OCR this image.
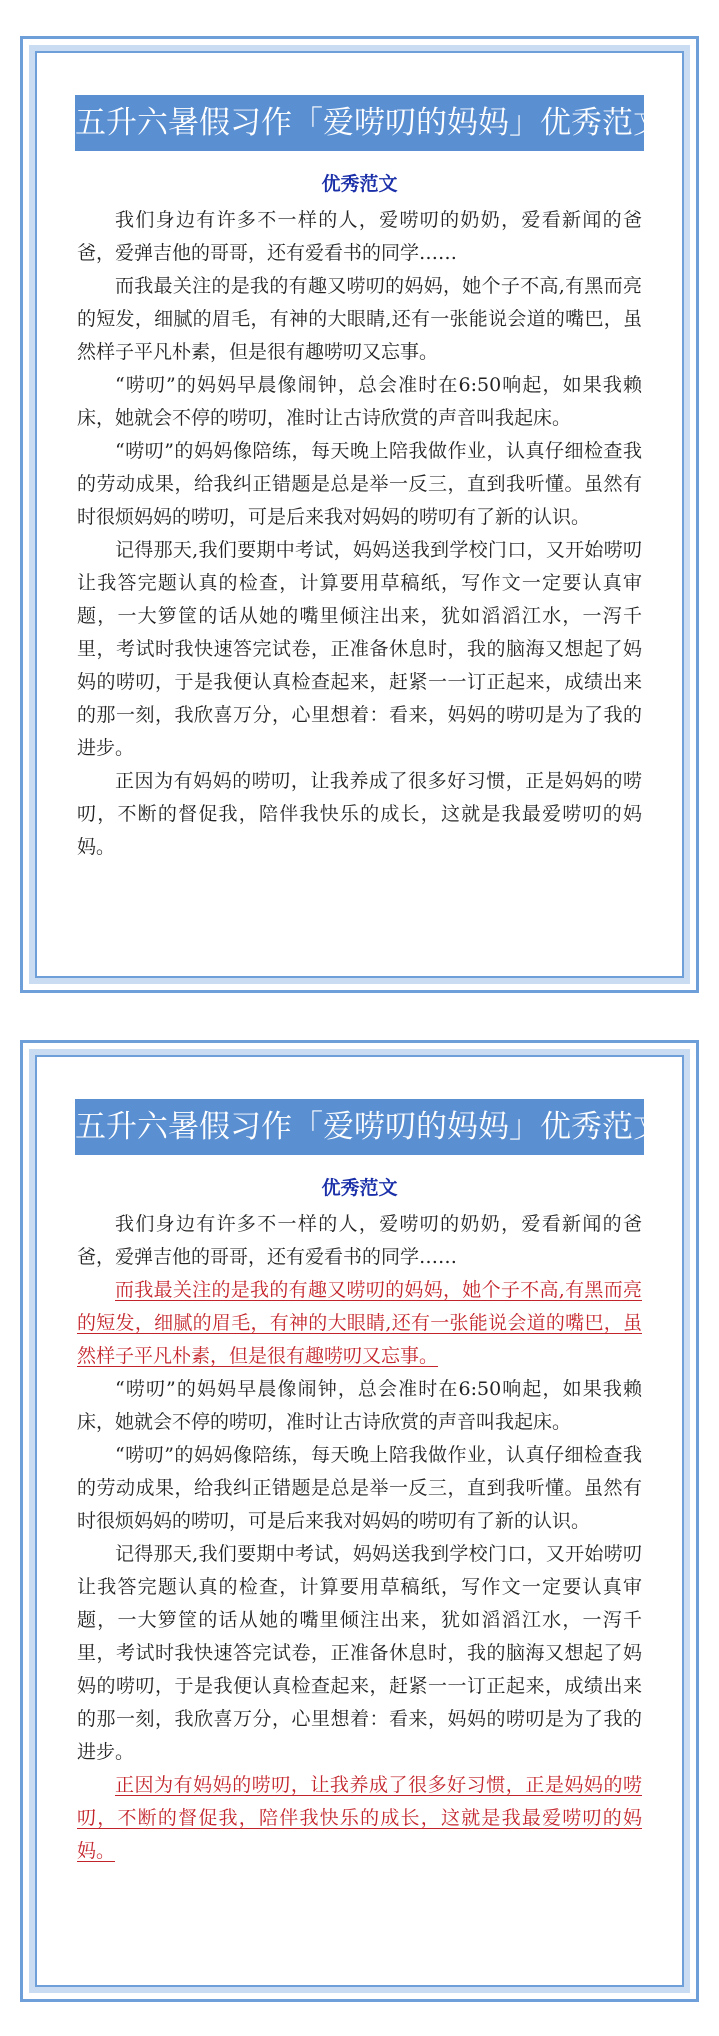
五升六暑假习作「爱唠叨的妈妈」优秀范文
优秀范文

我们身边有许多不一样的人，爱唠叨的奶奶，爱看新闻的爸爸，爱弹吉他的哥哥，还有爱看书的同学……

而我最关注的是我的有趣又唠叨的妈妈，她个子不高,有黑而亮的短发，细腻的眉毛，有神的大眼睛,还有一张能说会道的嘴巴，虽然样子平凡朴素，但是很有趣唠叨又忘事。

“唠叨”的妈妈早晨像闹钟，总会准时在6:50响起，如果我赖床，她就会不停的唠叨，准时让古诗欣赏的声音叫我起床。

“唠叨”的妈妈像陪练，每天晚上陪我做作业，认真仔细检查我的劳动成果，给我纠正错题是总是举一反三，直到我听懂。虽然有时很烦妈妈的唠叨，可是后来我对妈妈的唠叨有了新的认识。

记得那天,我们要期中考试，妈妈送我到学校门口，又开始唠叨让我答完题认真的检查，计算要用草稿纸，写作文一定要认真审题，一大箩筐的话从她的嘴里倾注出来，犹如滔滔江水，一泻千里，考试时我快速答完试卷，正准备休息时，我的脑海又想起了妈妈的唠叨，于是我便认真检查起来，赶紧一一订正起来，成绩出来的那一刻，我欣喜万分，心里想着：看来，妈妈的唠叨是为了我的进步。

正因为有妈妈的唠叨，让我养成了很多好习惯，正是妈妈的唠叨，不断的督促我，陪伴我快乐的成长，这就是我最爱唠叨的妈妈。

五升六暑假习作「爱唠叨的妈妈」优秀范文
优秀范文

我们身边有许多不一样的人，爱唠叨的奶奶，爱看新闻的爸爸，爱弹吉他的哥哥，还有爱看书的同学……

而我最关注的是我的有趣又唠叨的妈妈，她个子不高,有黑而亮的短发，细腻的眉毛，有神的大眼睛,还有一张能说会道的嘴巴，虽然样子平凡朴素，但是很有趣唠叨又忘事。

“唠叨”的妈妈早晨像闹钟，总会准时在6:50响起，如果我赖床，她就会不停的唠叨，准时让古诗欣赏的声音叫我起床。

“唠叨”的妈妈像陪练，每天晚上陪我做作业，认真仔细检查我的劳动成果，给我纠正错题是总是举一反三，直到我听懂。虽然有时很烦妈妈的唠叨，可是后来我对妈妈的唠叨有了新的认识。

记得那天,我们要期中考试，妈妈送我到学校门口，又开始唠叨让我答完题认真的检查，计算要用草稿纸，写作文一定要认真审题，一大箩筐的话从她的嘴里倾注出来，犹如滔滔江水，一泻千里，考试时我快速答完试卷，正准备休息时，我的脑海又想起了妈妈的唠叨，于是我便认真检查起来，赶紧一一订正起来，成绩出来的那一刻，我欣喜万分，心里想着：看来，妈妈的唠叨是为了我的进步。

正因为有妈妈的唠叨，让我养成了很多好习惯，正是妈妈的唠叨，不断的督促我，陪伴我快乐的成长，这就是我最爱唠叨的妈妈。
